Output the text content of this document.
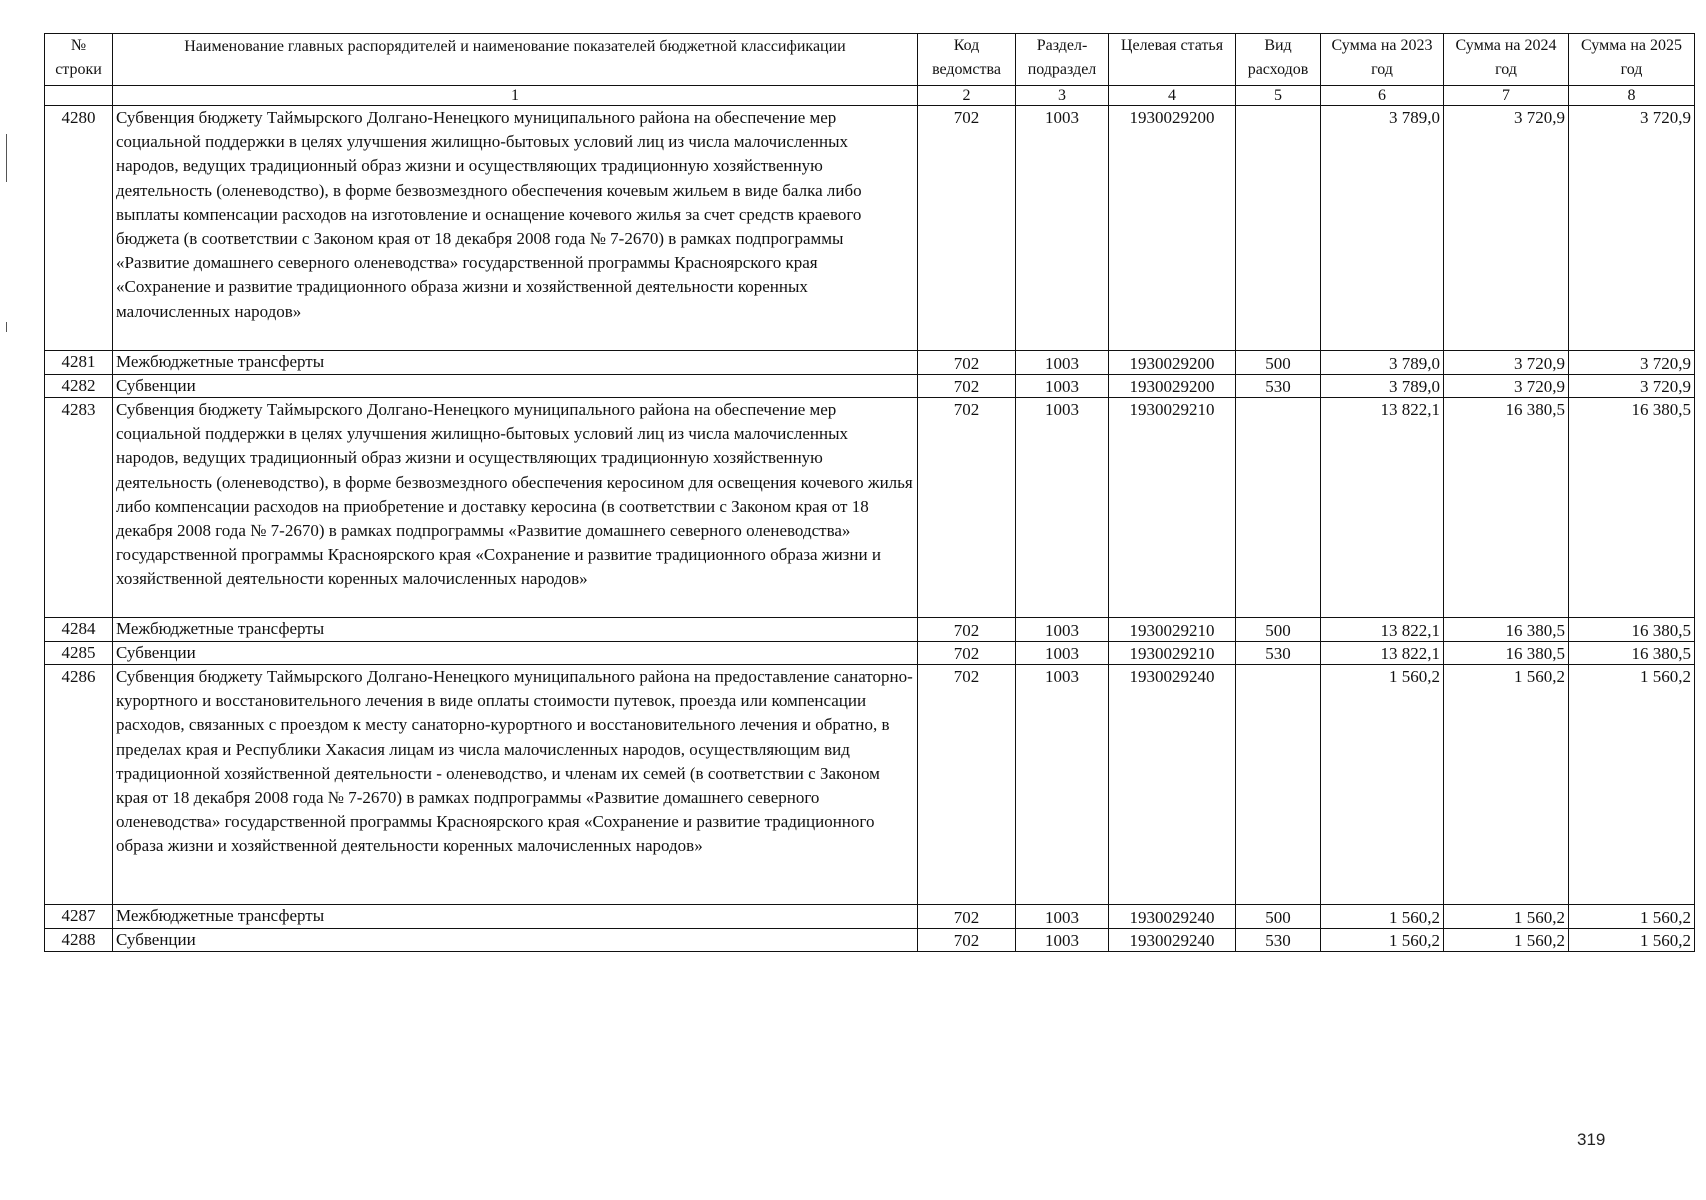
№ строки	Наименование главных распорядителей и наименование показателей бюджетной классификации	Код ведомства	Раздел-подраздел	Целевая статья	Вид расходов	Сумма на 2023 год	Сумма на 2024 год	Сумма на 2025 год
	1	2	3	4	5	6	7	8
4280	Субвенция бюджету Таймырского Долгано-Ненецкого муниципального района на обеспечение мер социальной поддержки в целях улучшения жилищно-бытовых условий лиц из числа малочисленных народов, ведущих традиционный образ жизни и осуществляющих традиционную хозяйственную деятельность (оленеводство), в форме безвозмездного обеспечения кочевым жильем в виде балка либо выплаты компенсации расходов на изготовление и оснащение кочевого жилья за счет средств краевого бюджета (в соответствии с Законом края от 18 декабря 2008 года № 7-2670) в рамках подпрограммы «Развитие домашнего северного оленеводства» государственной программы Красноярского края «Сохранение и развитие традиционного образа жизни и хозяйственной деятельности коренных малочисленных народов»	702	1003	1930029200		3 789,0	3 720,9	3 720,9
4281	Межбюджетные трансферты	702	1003	1930029200	500	3 789,0	3 720,9	3 720,9
4282	Субвенции	702	1003	1930029200	530	3 789,0	3 720,9	3 720,9
4283	Субвенция бюджету Таймырского Долгано-Ненецкого муниципального района на обеспечение мер социальной поддержки в целях улучшения жилищно-бытовых условий лиц из числа малочисленных народов, ведущих традиционный образ жизни и осуществляющих традиционную хозяйственную деятельность (оленеводство), в форме безвозмездного обеспечения керосином для освещения кочевого жилья либо компенсации расходов на приобретение и доставку керосина (в соответствии с Законом края от 18 декабря 2008 года № 7-2670) в рамках подпрограммы «Развитие домашнего северного оленеводства» государственной программы Красноярского края «Сохранение и развитие традиционного образа жизни и хозяйственной деятельности коренных малочисленных народов»	702	1003	1930029210		13 822,1	16 380,5	16 380,5
4284	Межбюджетные трансферты	702	1003	1930029210	500	13 822,1	16 380,5	16 380,5
4285	Субвенции	702	1003	1930029210	530	13 822,1	16 380,5	16 380,5
4286	Субвенция бюджету Таймырского Долгано-Ненецкого муниципального района на предоставление санаторно-курортного и восстановительного лечения в виде оплаты стоимости путевок, проезда или компенсации расходов, связанных с проездом к месту санаторно-курортного и восстановительного лечения и обратно, в пределах края и Республики Хакасия лицам из числа малочисленных народов, осуществляющим вид традиционной хозяйственной деятельности - оленеводство, и членам их семей (в соответствии с Законом края от 18 декабря 2008 года № 7-2670) в рамках подпрограммы «Развитие домашнего северного оленеводства» государственной программы Красноярского края «Сохранение и развитие традиционного образа жизни и хозяйственной деятельности коренных малочисленных народов»	702	1003	1930029240		1 560,2	1 560,2	1 560,2
4287	Межбюджетные трансферты	702	1003	1930029240	500	1 560,2	1 560,2	1 560,2
4288	Субвенции	702	1003	1930029240	530	1 560,2	1 560,2	1 560,2
319
